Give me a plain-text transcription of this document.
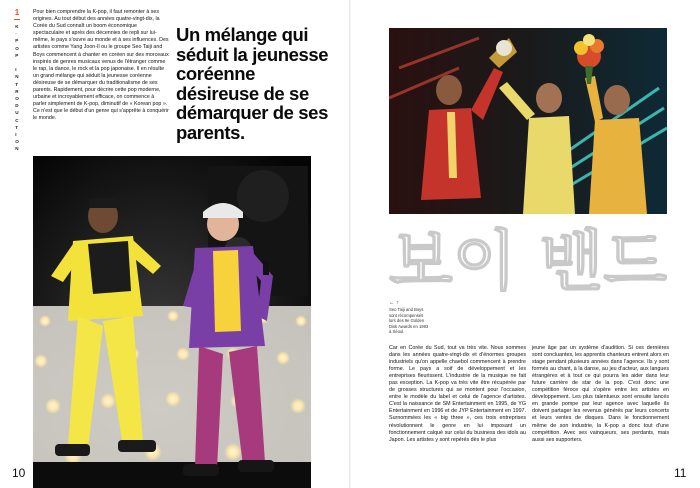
1
K
-
P
O
P

I
N
T
R
O
D
U
C
T
I
O
N
Pour bien comprendre la K-pop, il faut remonter à ses origines. Au tout début des années quatre-vingt-dix, la Corée du Sud connaît un boom économique spectaculaire et après des décennies de repli sur lui-même, le pays s'ouvre au monde et à ses influences. Des artistes comme Yang Joon-Il ou le groupe Seo Taiji and Boys commencent à chanter en coréen sur des morceaux inspirés de genres musicaux venus de l'étranger comme le rap, la dance, le rock et la pop japonaise. Il en résulte un grand mélange qui séduit la jeunesse coréenne désireuse de se démarquer du traditionalisme de ses parents. Rapidement, pour décrire cette pop moderne, urbaine et incroyablement efficace, on commence à parler simplement de K-pop, diminutif de « Korean pop ». Ce n'est que le début d'un genre qui s'apprête à conquérir le monde.
Un mélange qui séduit la jeunesse coréenne désireuse de se démarquer de ses parents.
10
보이 밴드
← ↑
Seo Taiji and Boys sont récompensés lors des 9e Golden Disk Awards en 1993 à Séoul.
Car en Corée du Sud, tout va très vite. Nous sommes dans les années quatre-vingt-dix et d'énormes groupes industriels qu'on appelle chaebol commencent à prendre forme. Le pays a soif de développement et les entreprises fleurissent. L'industrie de la musique ne fait pas exception. La K-pop va très vite être récupérée par de grosses structures qui se montent pour l'occasion, entre le modèle du label et celui de l'agence d'artistes. C'est la naissance de SM Entertainment en 1995, de YG Entertainment en 1996 et de JYP Entertainment en 1997. Surnommées les « big three », ces trois entreprises révolutionnent le genre en lui imposant un fonctionnement calqué sur celui du business des idols au Japon. Les artistes y sont repérés dès le plus
jeune âge par un système d'audition. Si ces dernières sont concluantes, les apprentis chanteurs entrent alors en stage pendant plusieurs années dans l'agence. Ils y sont formés au chant, à la danse, au jeu d'acteur, aux langues étrangères et à tout ce qui pourra les aider dans leur future carrière de star de la pop. C'est donc une compétition féroce qui s'opère entre les artistes en développement. Les plus talentueux sont ensuite lancés en grande pompe par leur agence avec laquelle ils doivent partager les revenus générés par leurs concerts et leurs ventes de disques. Dans le fonctionnement même de son industrie, la K-pop a donc tout d'une compétition. Avec ses vainqueurs, ses perdants, mais aussi ses supporters.
11
